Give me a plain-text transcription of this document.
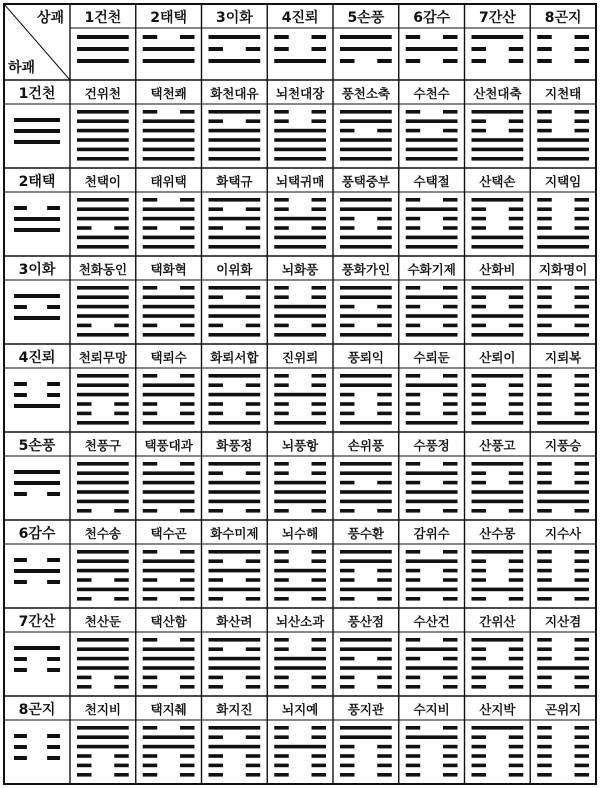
상괘
하괘
1건천 2태택 3이화 4진뢰 5손풍 6감수 7간산 8곤지
1건천 건위천 택천쾌 화천대유 뇌천대장 풍천소축 수천수 산천대축 지천태
2태택 천택이 태위택 화택규 뇌택귀매 풍택중부 수택절 산택손 지택임
3이화 천화동인 택화혁 이위화 뇌화풍 풍화가인 수화기제 산화비 지화명이
4진뢰 천뢰무망 택뢰수 화뢰서합 진위뢰 풍뢰익 수뢰둔 산뢰이 지뢰복
5손풍 천풍구 택풍대과 화풍정 뇌풍항 손위풍 수풍정 산풍고 지풍승
6감수 천수송 택수곤 화수미제 뇌수해 풍수환 감위수 산수몽 지수사
7간산 천산둔 택산함 화산려 뇌산소과 풍산점 수산건 간위산 지산겸
8곤지 천지비 택지췌 화지진 뇌지예 풍지관 수지비 산지박 곤위지
